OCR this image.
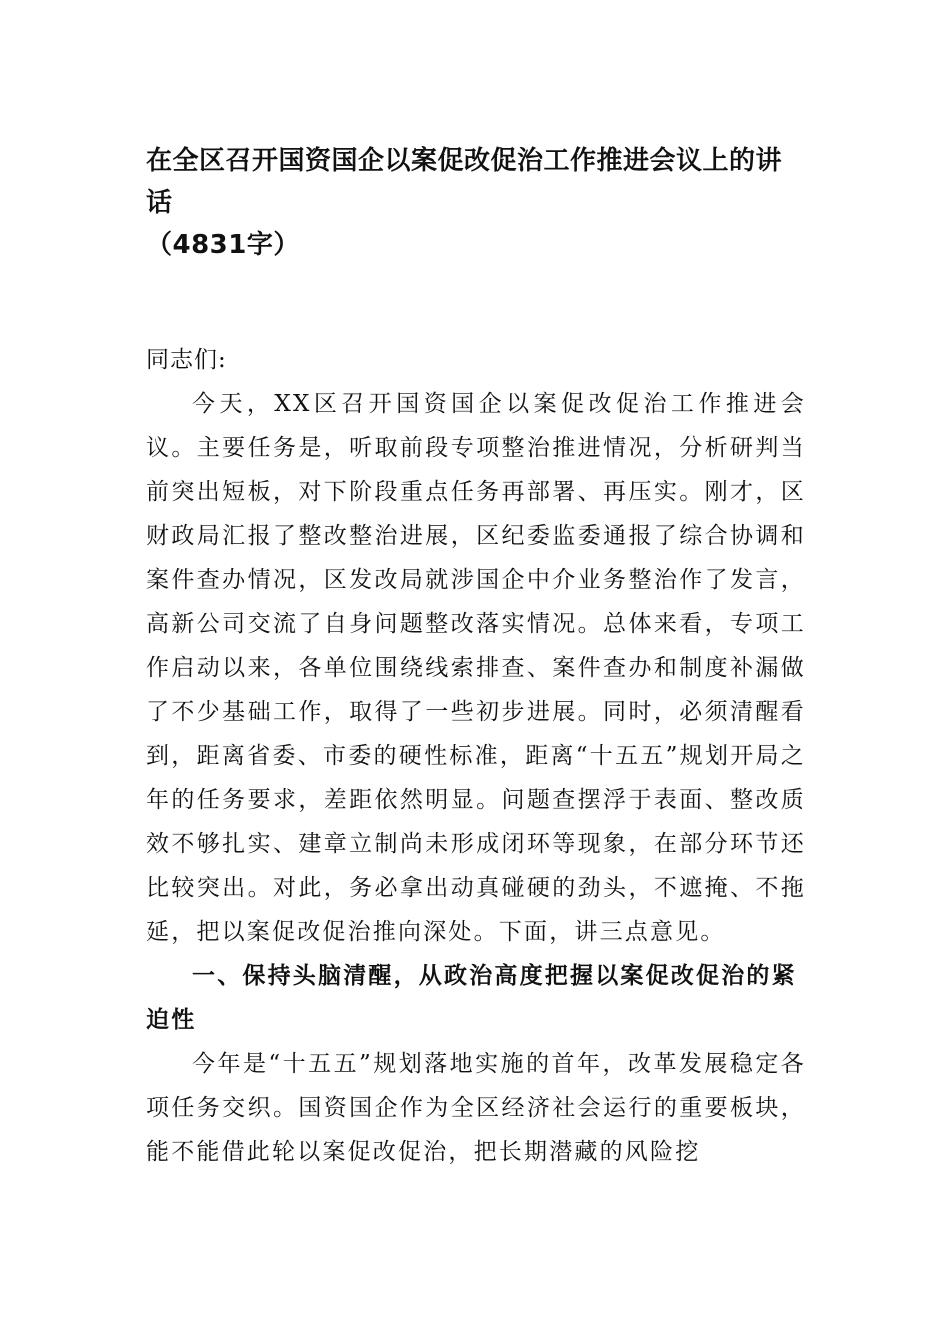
在全区召开国资国企以案促改促治工作推进会议上的讲话
（4831字）

同志们:

今天，XX区召开国资国企以案促改促治工作推进会议。主要任务是，听取前段专项整治推进情况，分析研判当前突出短板，对下阶段重点任务再部署、再压实。刚才，区财政局汇报了整改整治进展，区纪委监委通报了综合协调和案件查办情况，区发改局就涉国企中介业务整治作了发言，高新公司交流了自身问题整改落实情况。总体来看，专项工作启动以来，各单位围绕线索排查、案件查办和制度补漏做了不少基础工作，取得了一些初步进展。同时，必须清醒看到，距离省委、市委的硬性标准，距离“十五五”规划开局之年的任务要求，差距依然明显。问题查摆浮于表面、整改质效不够扎实、建章立制尚未形成闭环等现象，在部分环节还比较突出。对此，务必拿出动真碰硬的劲头，不遮掩、不拖延，把以案促改促治推向深处。下面，讲三点意见。

一、保持头脑清醒，从政治高度把握以案促改促治的紧迫性

今年是“十五五”规划落地实施的首年，改革发展稳定各项任务交织。国资国企作为全区经济社会运行的重要板块，能不能借此轮以案促改促治，把长期潜藏的风险挖
